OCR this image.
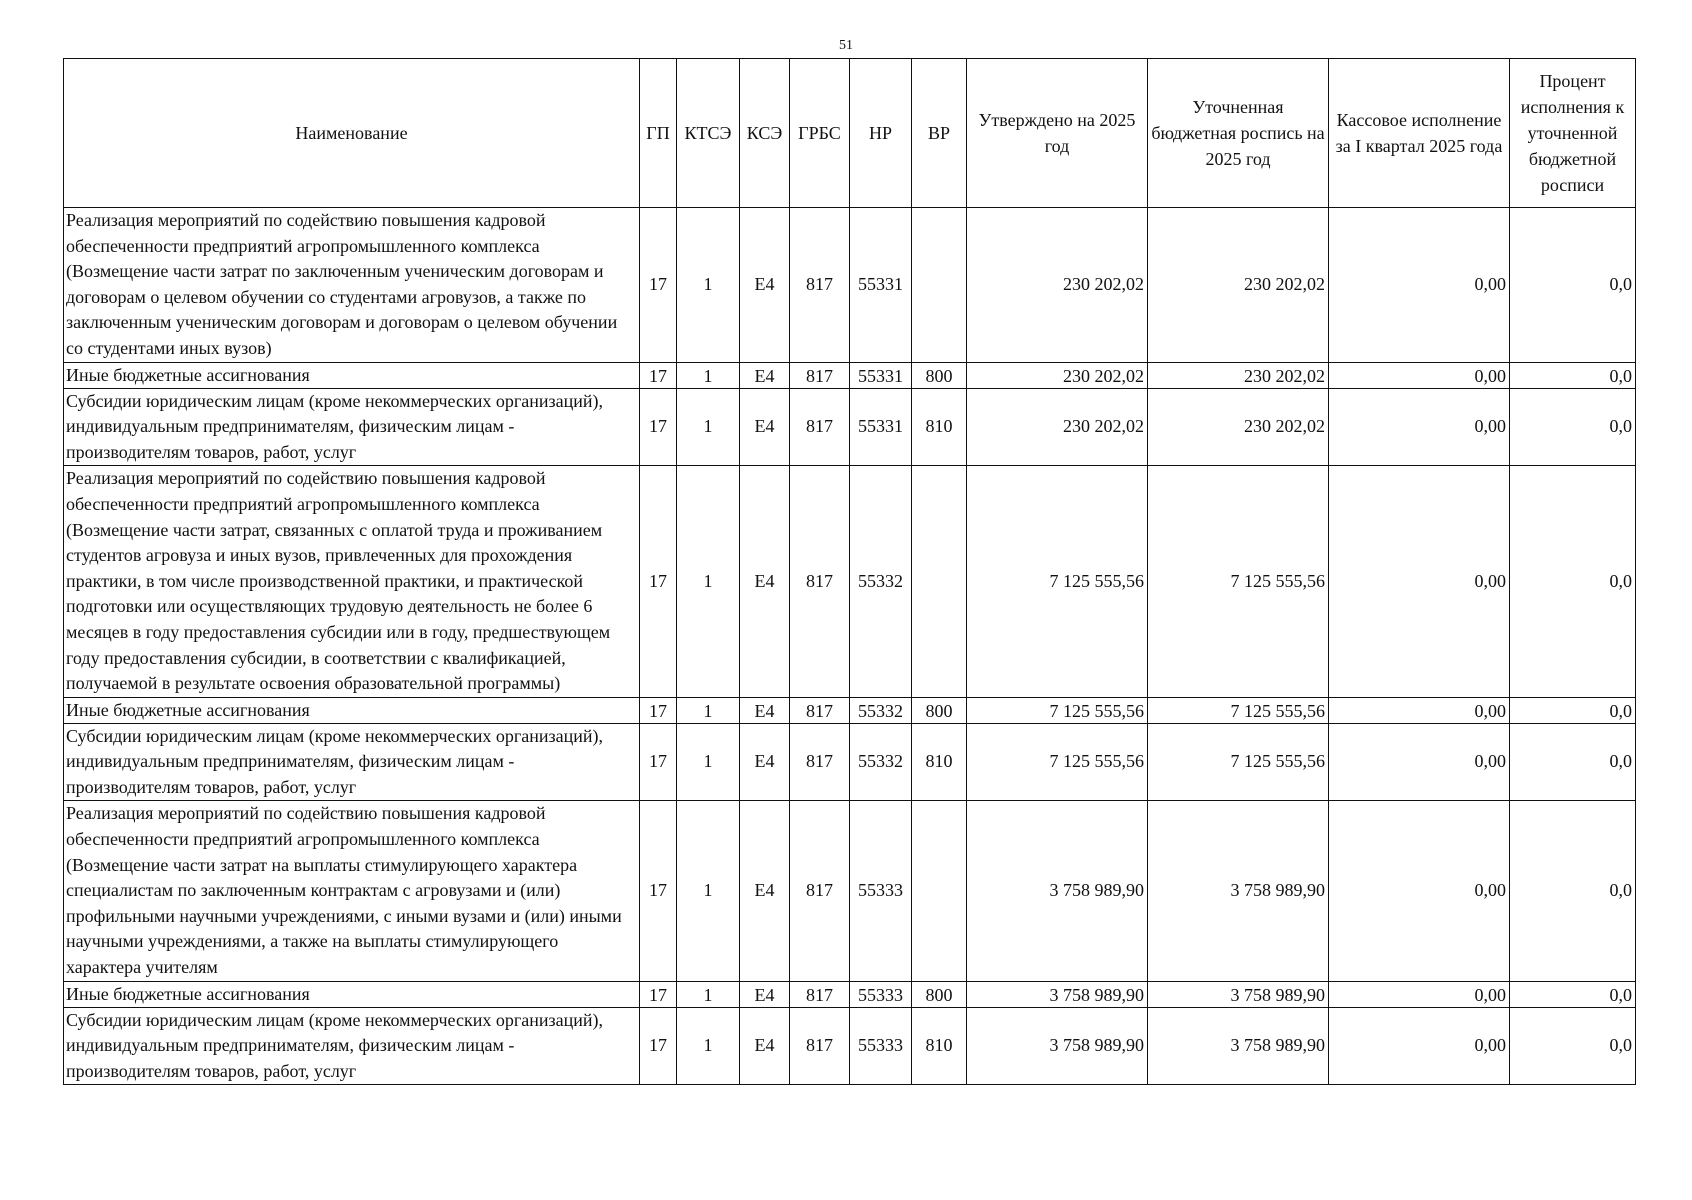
51
Наименование	ГП	КТСЭ	КСЭ	ГРБС	НР	ВР	Утверждено на 2025 год	Уточненная бюджетная роспись на 2025 год	Кассовое исполнение за I квартал 2025 года	Процент исполнения к уточненной бюджетной росписи
Реализация мероприятий по содействию повышения кадровой обеспеченности предприятий агропромышленного комплекса (Возмещение части затрат по заключенным ученическим договорам и договорам о целевом обучении со студентами агровузов, а также по заключенным ученическим договорам и договорам о целевом обучении со студентами иных вузов)	17	1	Е4	817	55331		230 202,02	230 202,02	0,00	0,0
Иные бюджетные ассигнования	17	1	Е4	817	55331	800	230 202,02	230 202,02	0,00	0,0
Субсидии юридическим лицам (кроме некоммерческих организаций), индивидуальным предпринимателям, физическим лицам - производителям товаров, работ, услуг	17	1	Е4	817	55331	810	230 202,02	230 202,02	0,00	0,0
Реализация мероприятий по содействию повышения кадровой обеспеченности предприятий агропромышленного комплекса (Возмещение части затрат, связанных с оплатой труда и проживанием студентов агровуза и иных вузов, привлеченных для прохождения практики, в том числе производственной практики, и практической подготовки или осуществляющих трудовую деятельность не более 6 месяцев в году предоставления субсидии или в году, предшествующем году предоставления субсидии, в соответствии с квалификацией, получаемой в результате освоения образовательной программы)	17	1	Е4	817	55332		7 125 555,56	7 125 555,56	0,00	0,0
Иные бюджетные ассигнования	17	1	Е4	817	55332	800	7 125 555,56	7 125 555,56	0,00	0,0
Субсидии юридическим лицам (кроме некоммерческих организаций), индивидуальным предпринимателям, физическим лицам - производителям товаров, работ, услуг	17	1	Е4	817	55332	810	7 125 555,56	7 125 555,56	0,00	0,0
Реализация мероприятий по содействию повышения кадровой обеспеченности предприятий агропромышленного комплекса (Возмещение части затрат на выплаты стимулирующего характера специалистам по заключенным контрактам с агровузами и (или) профильными научными учреждениями, с иными вузами и (или) иными научными учреждениями, а также на выплаты стимулирующего характера учителям	17	1	Е4	817	55333		3 758 989,90	3 758 989,90	0,00	0,0
Иные бюджетные ассигнования	17	1	Е4	817	55333	800	3 758 989,90	3 758 989,90	0,00	0,0
Субсидии юридическим лицам (кроме некоммерческих организаций), индивидуальным предпринимателям, физическим лицам - производителям товаров, работ, услуг	17	1	Е4	817	55333	810	3 758 989,90	3 758 989,90	0,00	0,0
